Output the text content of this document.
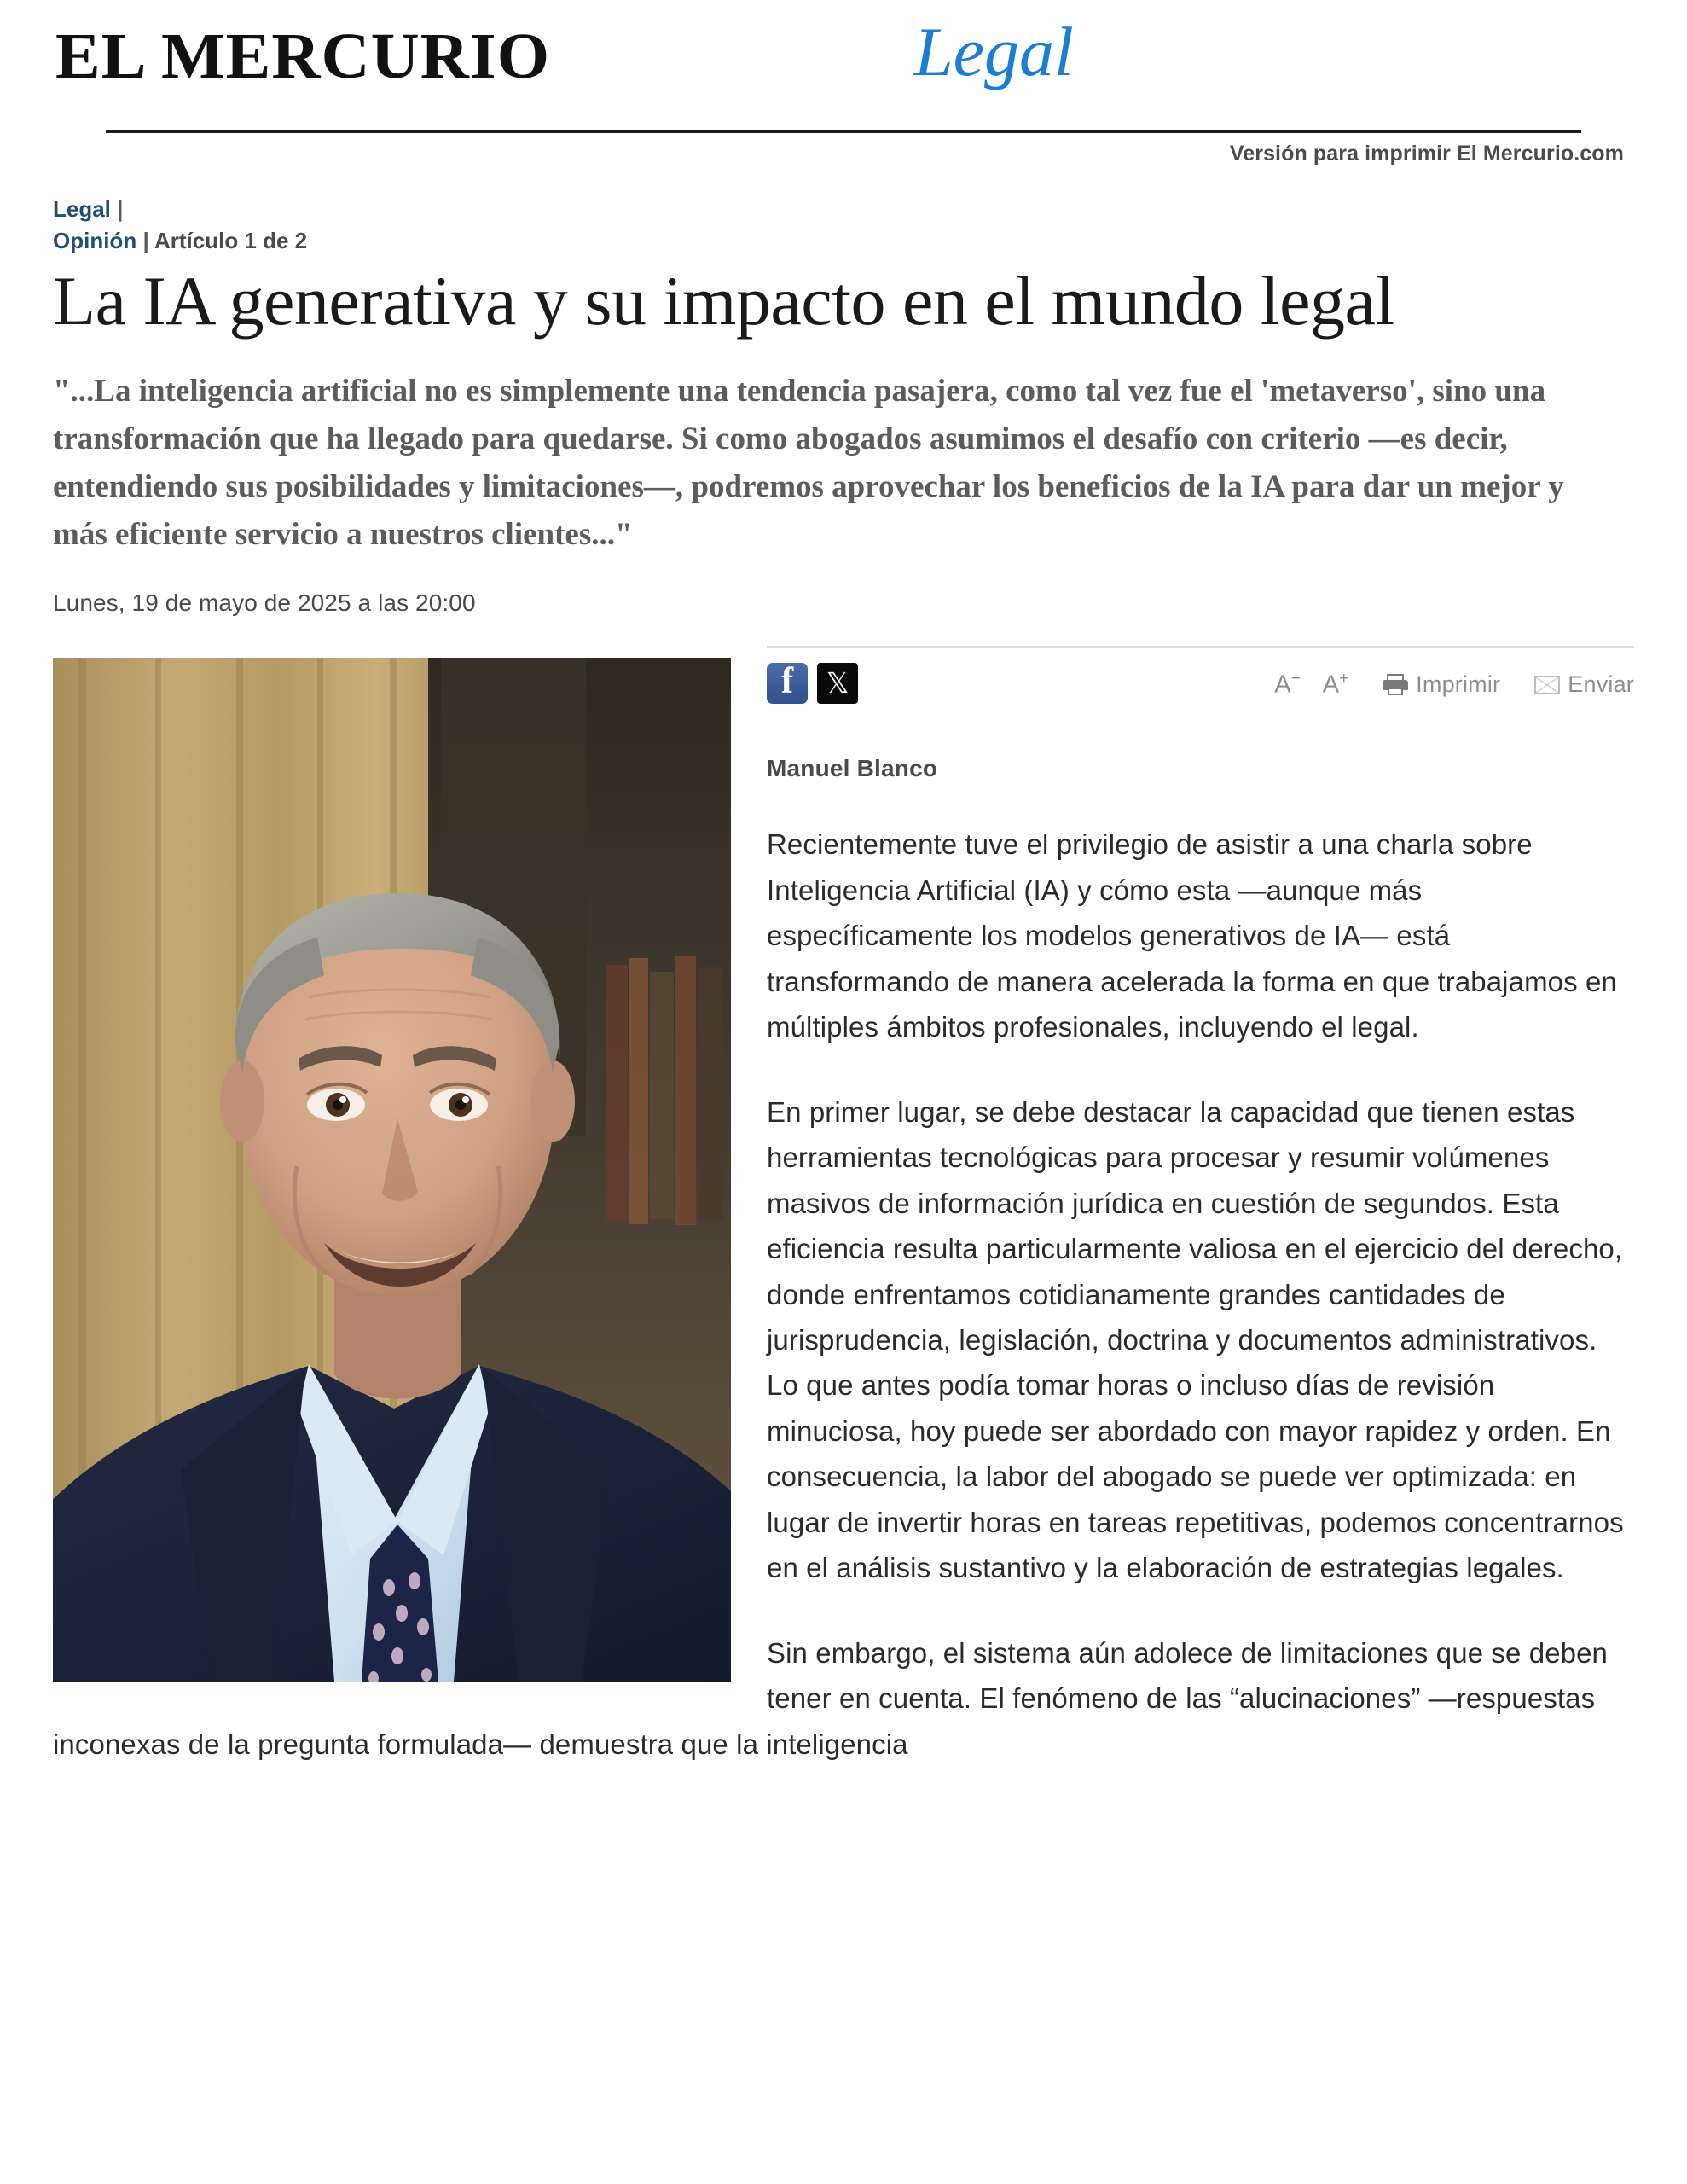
EL MERCURIO	Legal
Versión para imprimir El Mercurio.com
Legal |
Opinión | Artículo 1 de 2
La IA generativa y su impacto en el mundo legal
"...La inteligencia artificial no es simplemente una tendencia pasajera, como tal vez fue el 'metaverso', sino una transformación que ha llegado para quedarse. Si como abogados asumimos el desafío con criterio —es decir, entendiendo sus posibilidades y limitaciones—, podremos aprovechar los beneficios de la IA para dar un mejor y más eficiente servicio a nuestros clientes..."
Lunes, 19 de mayo de 2025 a las 20:00
f
𝕏
A− A+	Imprimir	Enviar
Manuel Blanco

Recientemente tuve el privilegio de asistir a una charla sobre Inteligencia Artificial (IA) y cómo esta —aunque más específicamente los modelos generativos de IA— está transformando de manera acelerada la forma en que trabajamos en múltiples ámbitos profesionales, incluyendo el legal.

En primer lugar, se debe destacar la capacidad que tienen estas herramientas tecnológicas para procesar y resumir volúmenes masivos de información jurídica en cuestión de segundos. Esta eficiencia resulta particularmente valiosa en el ejercicio del derecho, donde enfrentamos cotidianamente grandes cantidades de jurisprudencia, legislación, doctrina y documentos administrativos. Lo que antes podía tomar horas o incluso días de revisión minuciosa, hoy puede ser abordado con mayor rapidez y orden. En consecuencia, la labor del abogado se puede ver optimizada: en lugar de invertir horas en tareas repetitivas, podemos concentrarnos en el análisis sustantivo y la elaboración de estrategias legales.

Sin embargo, el sistema aún adolece de limitaciones que se deben tener en cuenta. El fenómeno de las “alucinaciones” —respuestas inconexas de la pregunta formulada— demuestra que la inteligencia
